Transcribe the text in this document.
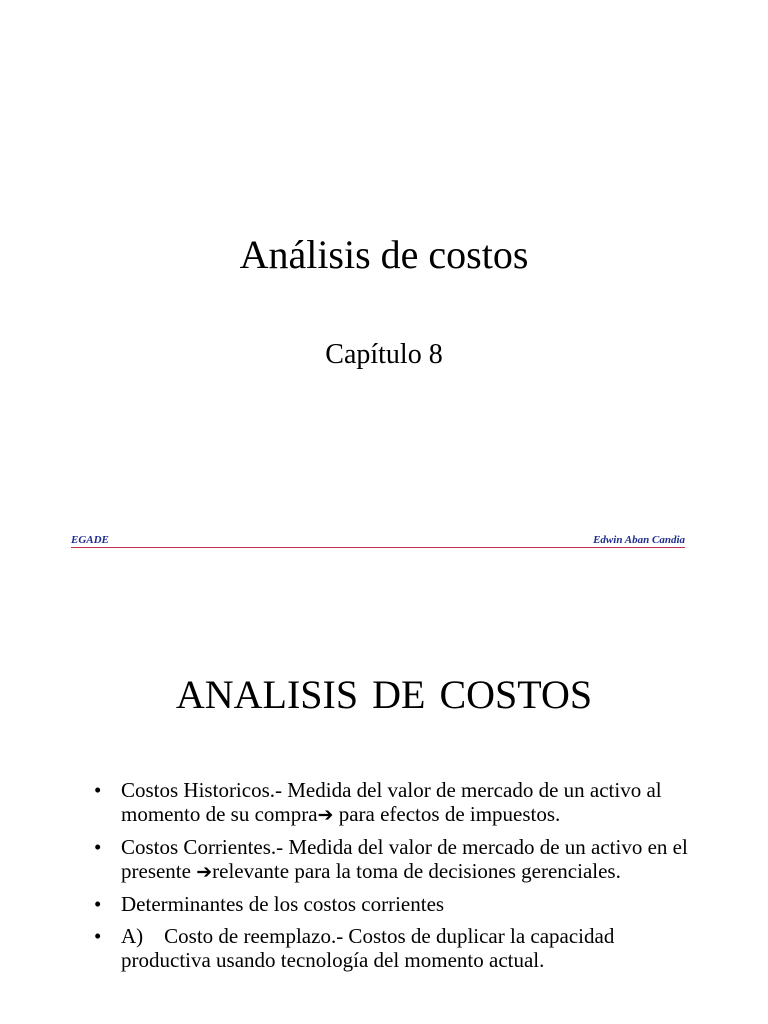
Análisis de costos
Capítulo 8
EGADE	Edwin Aban Candia
ANALISIS DE COSTOS
• Costos Historicos.- Medida del valor de mercado de un activo al momento de su compra➔ para efectos de impuestos.
• Costos Corrientes.- Medida del valor de mercado de un activo en el presente ➔relevante para la toma de decisiones gerenciales.
• Determinantes de los costos corrientes
• A)    Costo de reemplazo.- Costos de duplicar la capacidad productiva usando tecnología del momento actual.
